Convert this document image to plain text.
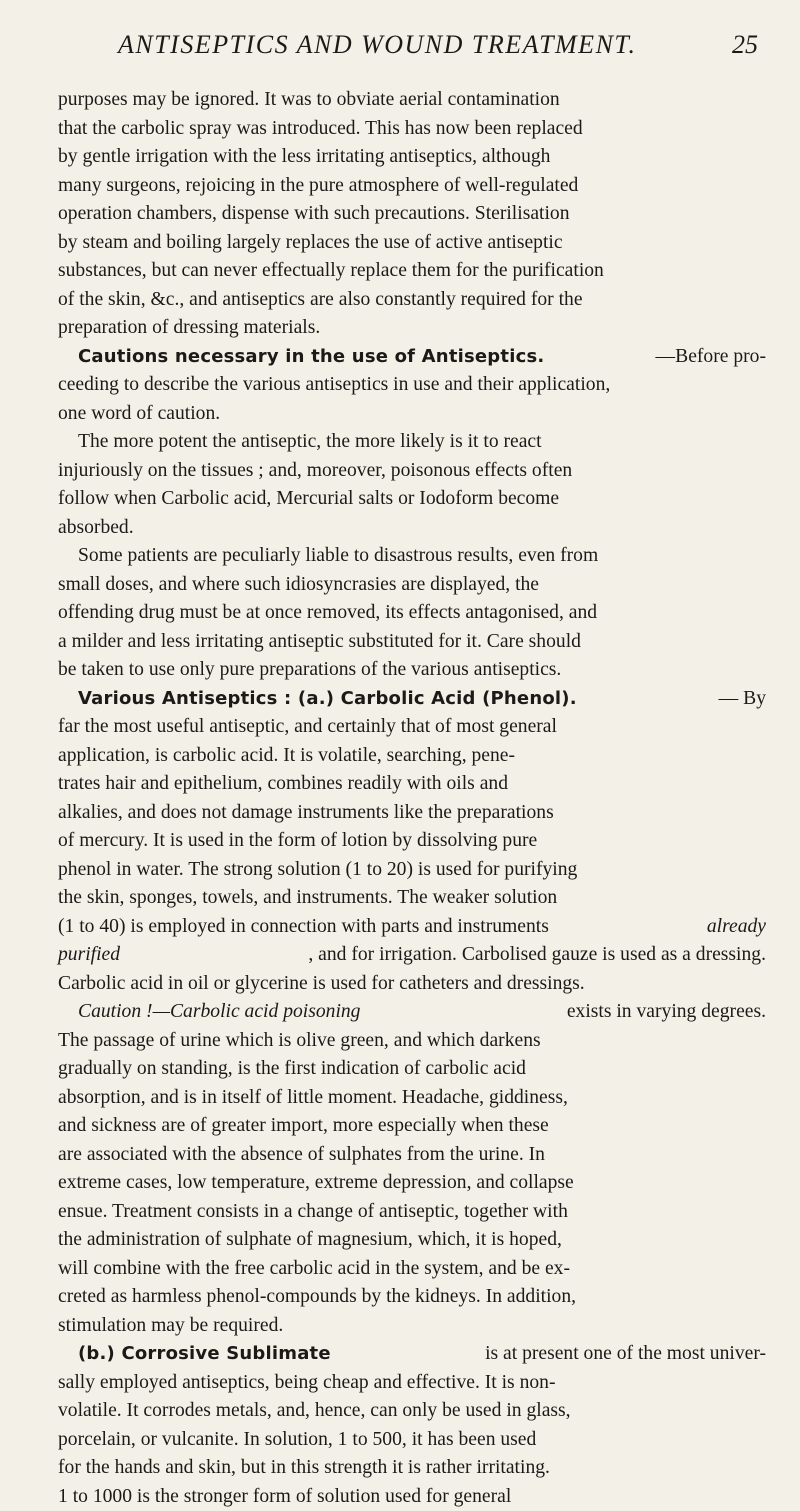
ANTISEPTICS AND WOUND TREATMENT.	25
purposes may be ignored. It was to obviate aerial contamination
that the carbolic spray was introduced. This has now been replaced
by gentle irrigation with the less irritating antiseptics, although
many surgeons, rejoicing in the pure atmosphere of well-regulated
operation chambers, dispense with such precautions. Sterilisation
by steam and boiling largely replaces the use of active antiseptic
substances, but can never effectually replace them for the purification
of the skin, &c., and antiseptics are also constantly required for the
preparation of dressing materials.
Cautions necessary in the use of Antiseptics.	—Before pro-
ceeding to describe the various antiseptics in use and their application,
one word of caution.
The more potent the antiseptic, the more likely is it to react
injuriously on the tissues ; and, moreover, poisonous effects often
follow when Carbolic acid, Mercurial salts or Iodoform become
absorbed.
Some patients are peculiarly liable to disastrous results, even from
small doses, and where such idiosyncrasies are displayed, the
offending drug must be at once removed, its effects antagonised, and
a milder and less irritating antiseptic substituted for it. Care should
be taken to use only pure preparations of the various antiseptics.
Various Antiseptics : (a.) Carbolic Acid (Phenol).	— By
far the most useful antiseptic, and certainly that of most general
application, is carbolic acid. It is volatile, searching, pene-
trates hair and epithelium, combines readily with oils and
alkalies, and does not damage instruments like the preparations
of mercury. It is used in the form of lotion by dissolving pure
phenol in water. The strong solution (1 to 20) is used for purifying
the skin, sponges, towels, and instruments. The weaker solution
(1 to 40) is employed in connection with parts and instruments	already
purified	, and for irrigation. Carbolised gauze is used as a dressing.
Carbolic acid in oil or glycerine is used for catheters and dressings.
Caution !—Carbolic acid poisoning	exists in varying degrees.
The passage of urine which is olive green, and which darkens
gradually on standing, is the first indication of carbolic acid
absorption, and is in itself of little moment. Headache, giddiness,
and sickness are of greater import, more especially when these
are associated with the absence of sulphates from the urine. In
extreme cases, low temperature, extreme depression, and collapse
ensue. Treatment consists in a change of antiseptic, together with
the administration of sulphate of magnesium, which, it is hoped,
will combine with the free carbolic acid in the system, and be ex-
creted as harmless phenol-compounds by the kidneys. In addition,
stimulation may be required.
(b.) Corrosive Sublimate	is at present one of the most univer-
sally employed antiseptics, being cheap and effective. It is non-
volatile. It corrodes metals, and, hence, can only be used in glass,
porcelain, or vulcanite. In solution, 1 to 500, it has been used
for the hands and skin, but in this strength it is rather irritating.
1 to 1000 is the stronger form of solution used for general
